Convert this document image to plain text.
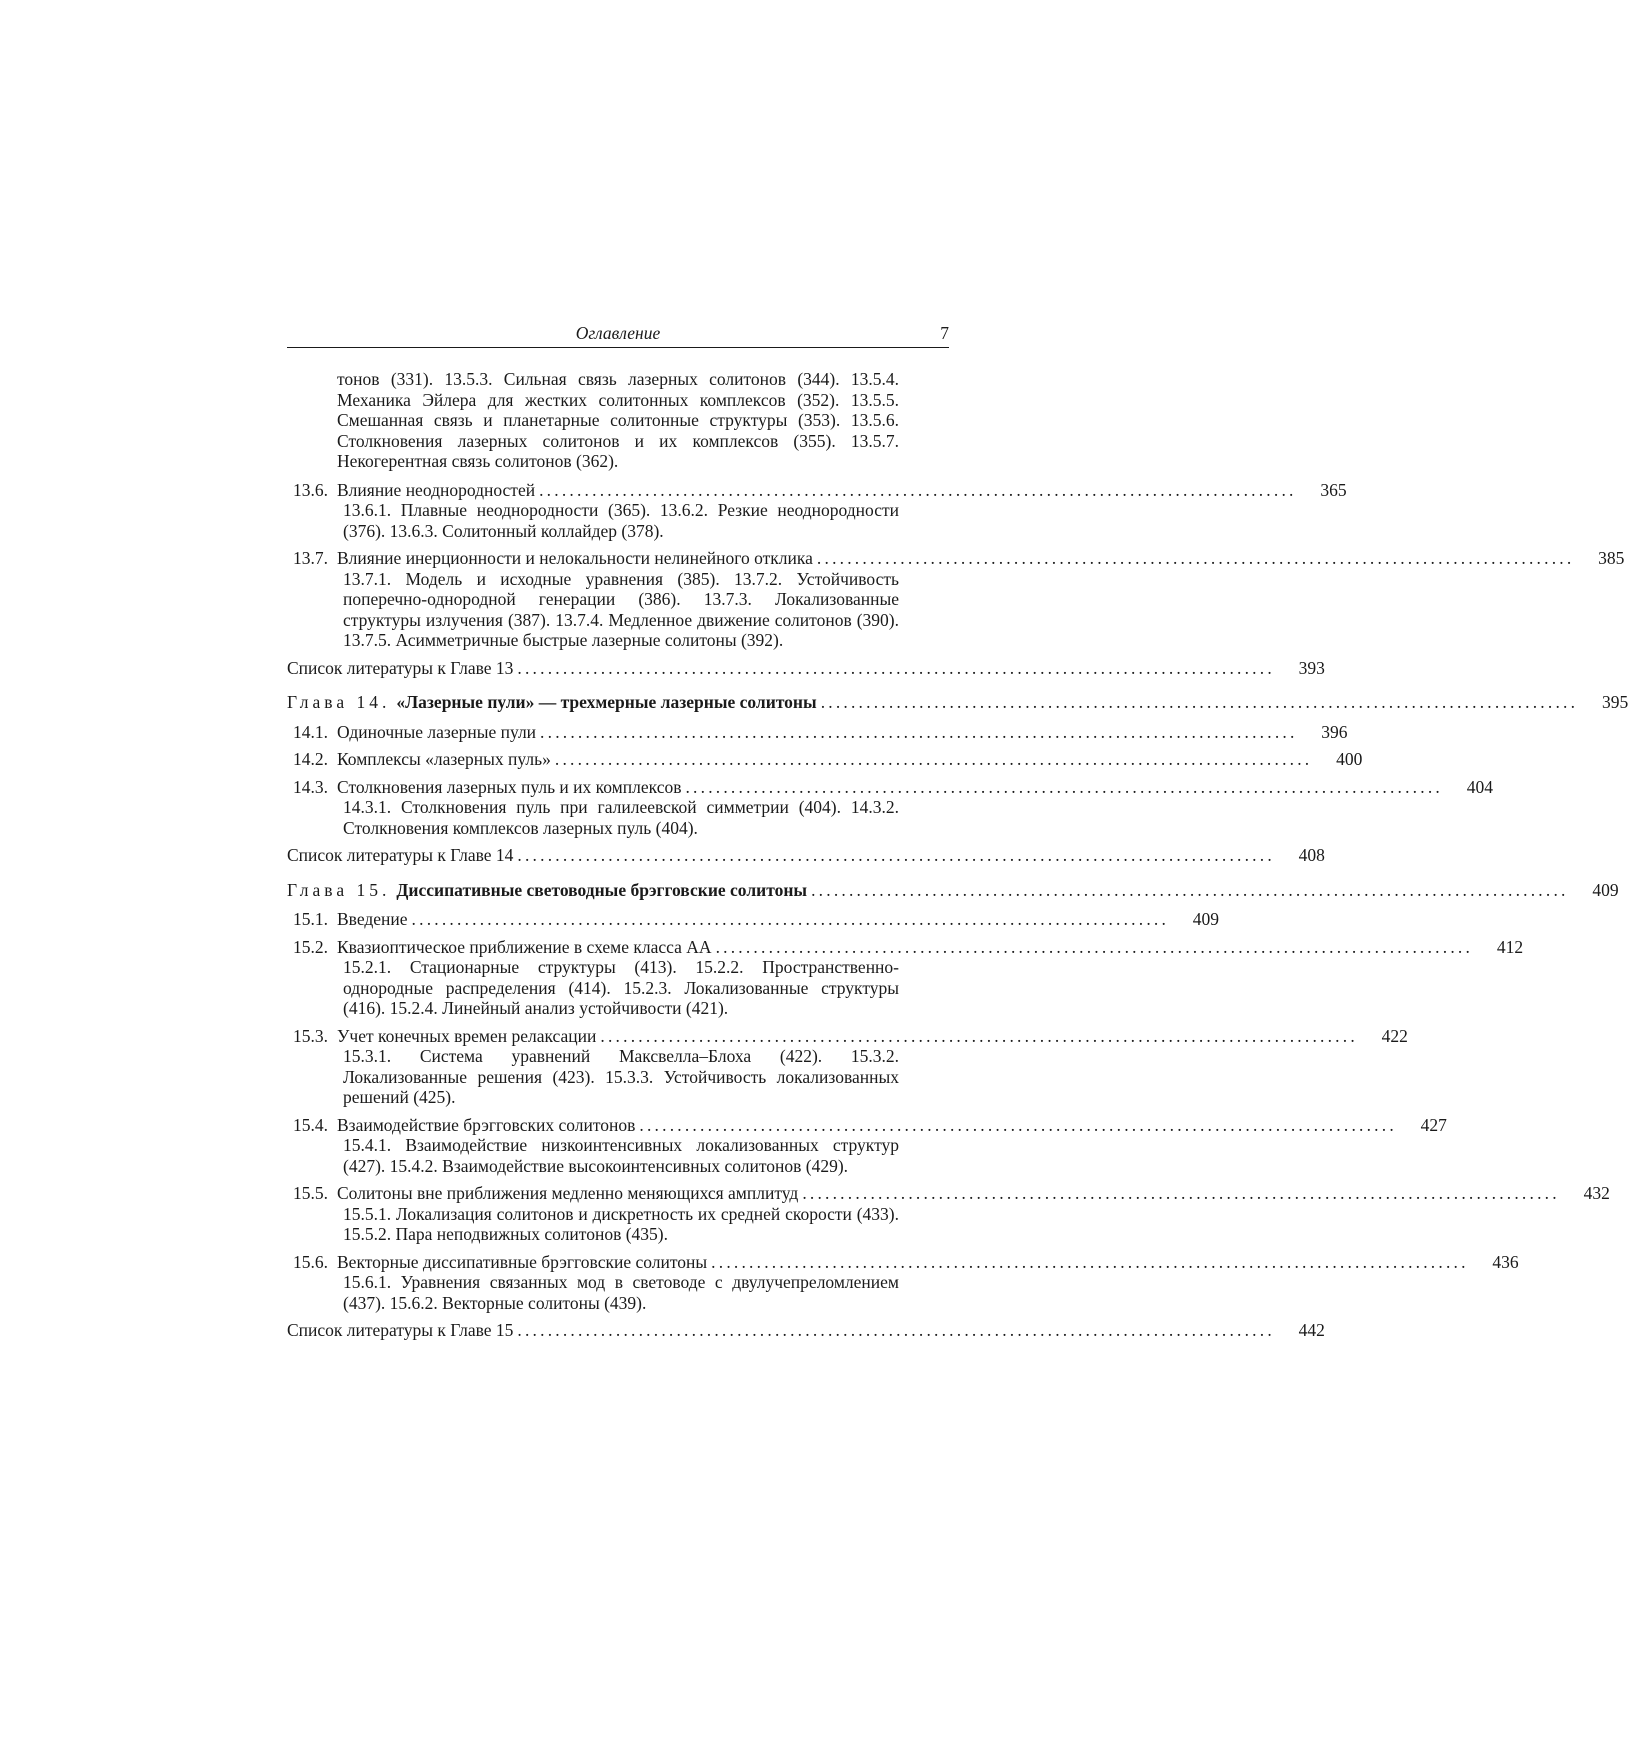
Оглавление	7
тонов (331). 13.5.3. Сильная связь лазерных солитонов (344). 13.5.4. Механика Эйлера для жестких солитонных комплексов (352). 13.5.5. Смешанная связь и планетарные солитонные структуры (353). 13.5.6. Столкновения лазерных солитонов и их комплексов (355). 13.5.7. Некогерентная связь солитонов (362).
13.6. Влияние неоднородностей ....................................................................................................	365
13.6.1. Плавные неоднородности (365). 13.6.2. Резкие неоднородности (376). 13.6.3. Солитонный коллайдер (378).
13.7. Влияние инерционности и нелокальности нелинейного отклика ....................................................................................................	385
13.7.1. Модель и исходные уравнения (385). 13.7.2. Устойчивость поперечно-однородной генерации (386). 13.7.3. Локализованные структуры излучения (387). 13.7.4. Медленное движение солитонов (390). 13.7.5. Асимметричные быстрые лазерные солитоны (392).
Список литературы к Главе 13 ....................................................................................................	393
Глава 14. «Лазерные пули» — трехмерные лазерные солитоны ....................................................................................................	395
14.1. Одиночные лазерные пули ....................................................................................................	396
14.2. Комплексы «лазерных пуль» ....................................................................................................	400
14.3. Столкновения лазерных пуль и их комплексов ....................................................................................................	404
14.3.1. Столкновения пуль при галилеевской симметрии (404). 14.3.2. Столкновения комплексов лазерных пуль (404).
Список литературы к Главе 14 ....................................................................................................	408
Глава 15. Диссипативные световодные брэгговские солитоны ....................................................................................................	409
15.1. Введение ....................................................................................................	409
15.2. Квазиоптическое приближение в схеме класса АА ....................................................................................................	412
15.2.1. Стационарные структуры (413). 15.2.2. Пространственно-однородные распределения (414). 15.2.3. Локализованные структуры (416). 15.2.4. Линейный анализ устойчивости (421).
15.3. Учет конечных времен релаксации ....................................................................................................	422
15.3.1. Система уравнений Максвелла–Блоха (422). 15.3.2. Локализованные решения (423). 15.3.3. Устойчивость локализованных решений (425).
15.4. Взаимодействие брэгговских солитонов ....................................................................................................	427
15.4.1. Взаимодействие низкоинтенсивных локализованных структур (427). 15.4.2. Взаимодействие высокоинтенсивных солитонов (429).
15.5. Солитоны вне приближения медленно меняющихся амплитуд ....................................................................................................	432
15.5.1. Локализация солитонов и дискретность их средней скорости (433). 15.5.2. Пара неподвижных солитонов (435).
15.6. Векторные диссипативные брэгговские солитоны ....................................................................................................	436
15.6.1. Уравнения связанных мод в световоде с двулучепреломлением (437). 15.6.2. Векторные солитоны (439).
Список литературы к Главе 15 ....................................................................................................	442
